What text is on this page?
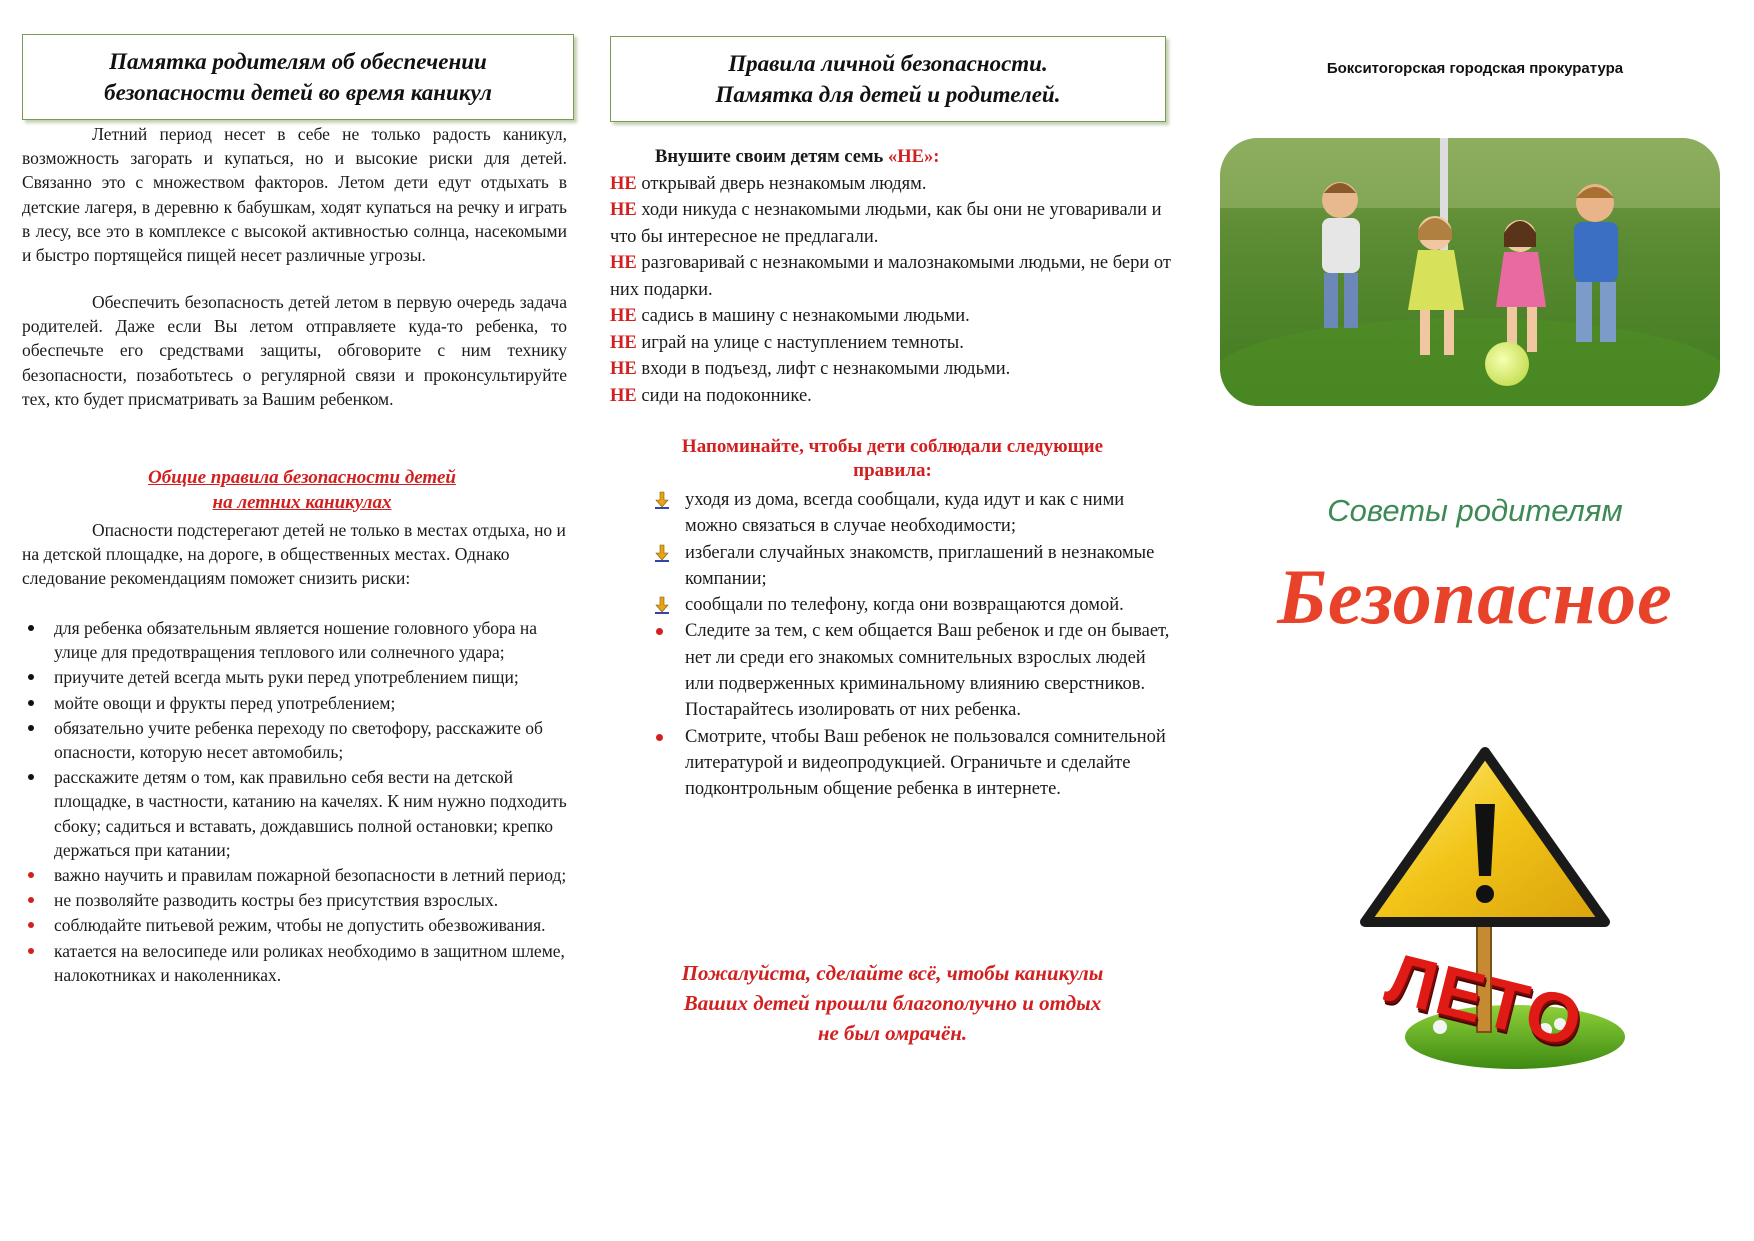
Памятка родителям об обеспечении
безопасности детей во время каникул
Летний период несет в себе не только радость каникул, возможность загорать и купаться, но и высокие риски для детей. Связанно это с множеством факторов. Летом дети едут отдыхать в детские лагеря, в деревню к бабушкам, ходят купаться на речку и играть в лесу, все это в комплексе с высокой активностью солнца, насекомыми и быстро портящейся пищей несет различные угрозы.
Обеспечить безопасность детей летом в первую очередь задача родителей. Даже если Вы летом отправляете куда-то ребенка, то обеспечьте его средствами защиты, обговорите с ним технику безопасности, позаботьтесь о регулярной связи и проконсультируйте тех, кто будет присматривать за Вашим ребенком.
Общие правила безопасности детей
на летних каникулах
Опасности подстерегают детей не только в местах отдыха, но и на детской площадке, на дороге, в общественных местах. Однако следование рекомендациям поможет снизить риски:
для ребенка обязательным является ношение головного убора на улице для предотвращения теплового или солнечного удара;
приучите детей всегда мыть руки перед употреблением пищи;
мойте овощи и фрукты перед употреблением;
обязательно учите ребенка переходу по светофору, расскажите об опасности, которую несет автомобиль;
расскажите детям о том, как правильно себя вести на детской площадке, в частности, катанию на качелях. К ним нужно подходить сбоку; садиться и вставать, дождавшись полной остановки; крепко держаться при катании;
важно научить и правилам пожарной безопасности в летний период;
не позволяйте разводить костры без присутствия взрослых.
соблюдайте питьевой режим, чтобы не допустить обезвоживания.
катается на велосипеде или роликах необходимо в защитном шлеме, налокотниках и наколенниках.
Правила личной безопасности.
Памятка для детей и родителей.
Внушите своим детям семь «НЕ»:
НЕ открывай дверь незнакомым людям.
НЕ ходи никуда с незнакомыми людьми, как бы они не уговаривали и что бы интересное не предлагали.
НЕ разговаривай с незнакомыми и малознакомыми людьми, не бери от них подарки.
НЕ садись в машину с незнакомыми людьми.
НЕ играй на улице с наступлением темноты.
НЕ входи в подъезд, лифт с незнакомыми людьми.
НЕ сиди на подоконнике.
Напоминайте, чтобы дети соблюдали следующие
правила:
уходя из дома, всегда сообщали, куда идут и как с ними можно связаться в случае необходимости;
избегали случайных знакомств, приглашений в незнакомые компании;
сообщали по телефону, когда они возвращаются домой.
Следите за тем, с кем общается Ваш ребенок и где он бывает, нет ли среди его знакомых сомнительных взрослых людей или подверженных криминальному влиянию сверстников. Постарайтесь изолировать от них ребенка.
Смотрите, чтобы Ваш ребенок не пользовался сомнительной литературой и видеопродукцией. Ограничьте и сделайте подконтрольным общение ребенка в интернете.
Пожалуйста, сделайте всё, чтобы каникулы
Ваших детей прошли благополучно и отдых
не был омрачён.
Бокситогорская городская прокуратура
Советы родителям
Безопасное
ЛЕТО
